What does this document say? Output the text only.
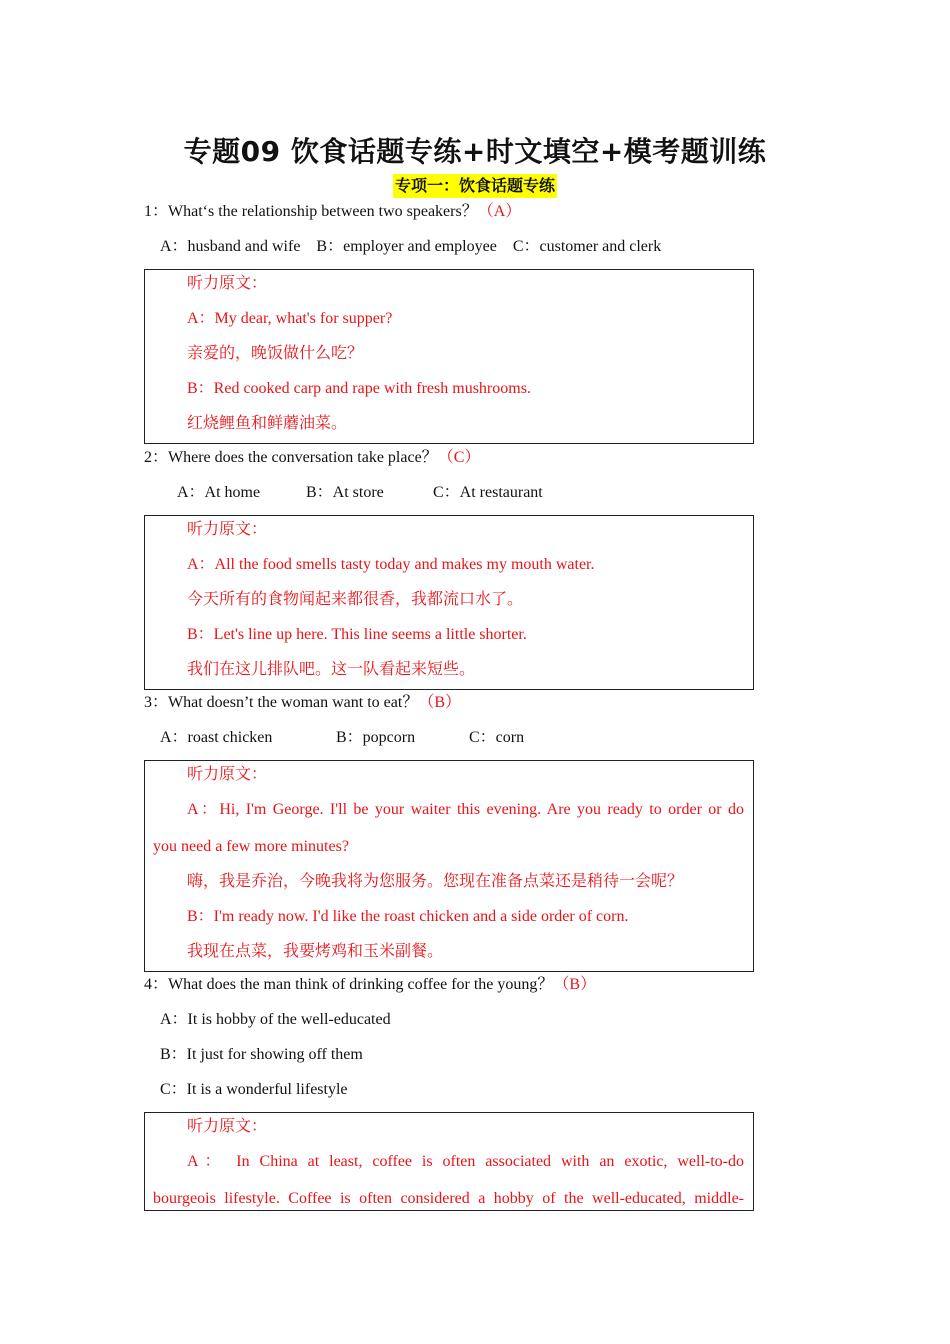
专题09 饮食话题专练+时文填空+模考题训练
专项一：饮食话题专练
1：What‘s the relationship between two speakers？（A）
A：husband and wife B：employer and employee C：customer and clerk
听力原文：
A：My dear, what's for supper?
亲爱的，晚饭做什么吃？
B：Red cooked carp and rape with fresh mushrooms.
红烧鲤鱼和鲜蘑油菜。
2：Where does the conversation take place？（C）
A：At home	B：At store	C：At restaurant
听力原文：
A：All the food smells tasty today and makes my mouth water.
今天所有的食物闻起来都很香，我都流口水了。
B：Let's line up here. This line seems a little shorter.
我们在这儿排队吧。这一队看起来短些。
3：What doesn’t the woman want to eat？（B）
A：roast chicken	B：popcorn	C：corn
听力原文：
A：Hi, I'm George. I'll be your waiter this evening. Are you ready to order or do
you need a few more minutes?
嗨，我是乔治，今晚我将为您服务。您现在准备点菜还是稍待一会呢？
B：I'm ready now. I'd like the roast chicken and a side order of corn.
我现在点菜，我要烤鸡和玉米副餐。
4：What does the man think of drinking coffee for the young？（B）
A：It is hobby of the well-educated
B：It just for showing off them
C：It is a wonderful lifestyle
听力原文：
A： In China at least, coffee is often associated with an exotic, well-to-do
bourgeois lifestyle. Coffee is often considered a hobby of the well-educated, middle-
